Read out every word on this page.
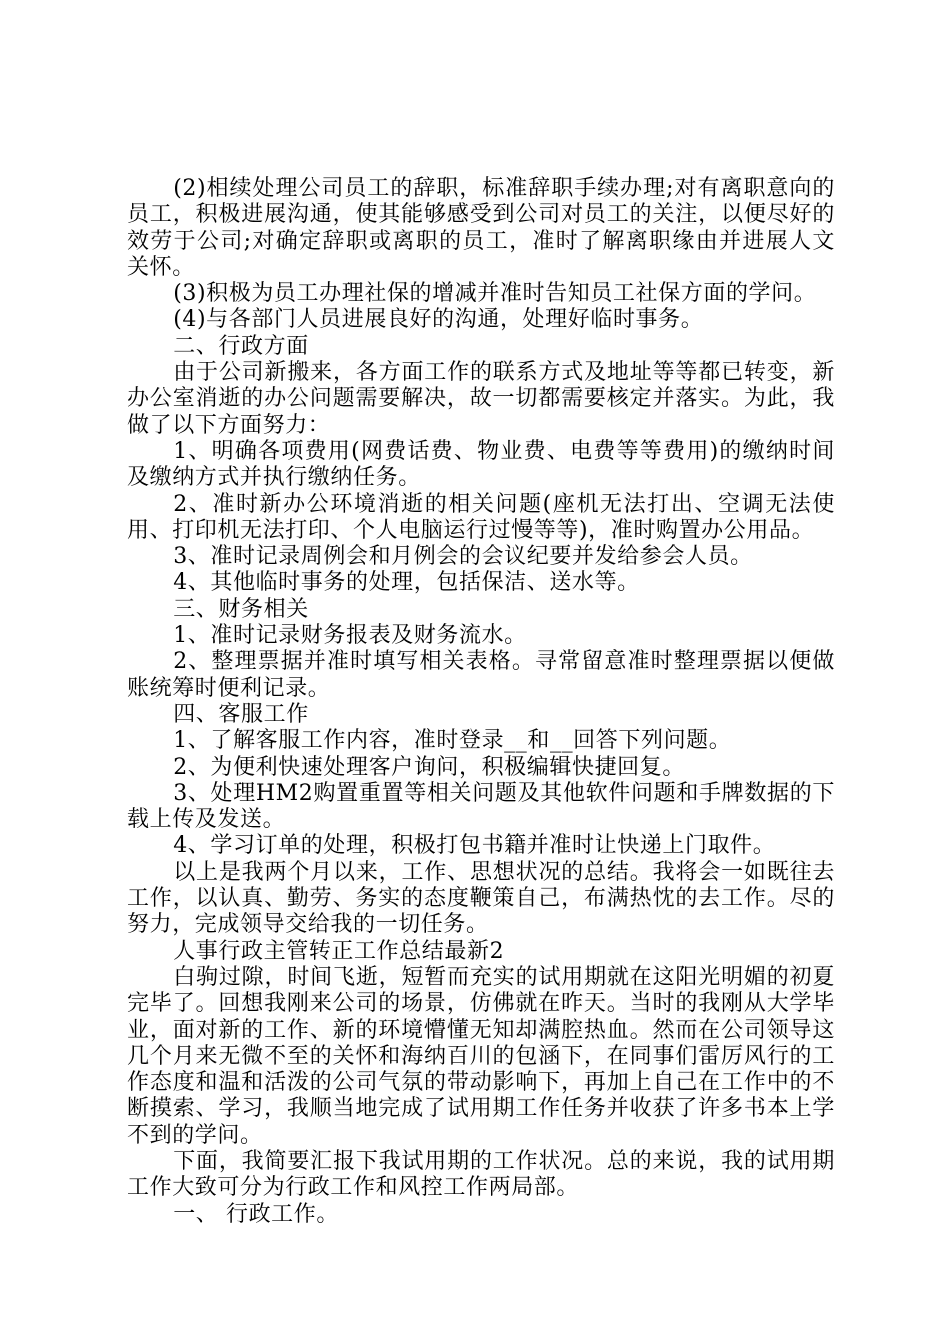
(2)相续处理公司员工的辞职，标准辞职手续办理;对有离职意向的员工，积极进展沟通，使其能够感受到公司对员工的关注，以便尽好的效劳于公司;对确定辞职或离职的员工，准时了解离职缘由并进展人文关怀。

(3)积极为员工办理社保的增减并准时告知员工社保方面的学问。

(4)与各部门人员进展良好的沟通，处理好临时事务。

二、行政方面

由于公司新搬来，各方面工作的联系方式及地址等等都已转变，新办公室消逝的办公问题需要解决，故一切都需要核定并落实。为此，我做了以下方面努力：

1、明确各项费用(网费话费、物业费、电费等等费用)的缴纳时间及缴纳方式并执行缴纳任务。

2、准时新办公环境消逝的相关问题(座机无法打出、空调无法使用、打印机无法打印、个人电脑运行过慢等等)，准时购置办公用品。

3、准时记录周例会和月例会的会议纪要并发给参会人员。

4、其他临时事务的处理，包括保洁、送水等。

三、财务相关

1、准时记录财务报表及财务流水。

2、整理票据并准时填写相关表格。寻常留意准时整理票据以便做账统筹时便利记录。

四、客服工作

1、了解客服工作内容，准时登录__和__回答下列问题。

2、为便利快速处理客户询问，积极编辑快捷回复。

3、处理HM2购置重置等相关问题及其他软件问题和手牌数据的下载上传及发送。

4、学习订单的处理，积极打包书籍并准时让快递上门取件。

以上是我两个月以来，工作、思想状况的总结。我将会一如既往去工作，以认真、勤劳、务实的态度鞭策自己，布满热忱的去工作。尽的努力，完成领导交给我的一切任务。

人事行政主管转正工作总结最新2

白驹过隙，时间飞逝，短暂而充实的试用期就在这阳光明媚的初夏完毕了。回想我刚来公司的场景，仿佛就在昨天。当时的我刚从大学毕业，面对新的工作、新的环境懵懂无知却满腔热血。然而在公司领导这几个月来无微不至的关怀和海纳百川的包涵下，在同事们雷厉风行的工作态度和温和活泼的公司气氛的带动影响下，再加上自己在工作中的不断摸索、学习，我顺当地完成了试用期工作任务并收获了许多书本上学不到的学问。

下面，我简要汇报下我试用期的工作状况。总的来说，我的试用期工作大致可分为行政工作和风控工作两局部。

一、 行政工作。
